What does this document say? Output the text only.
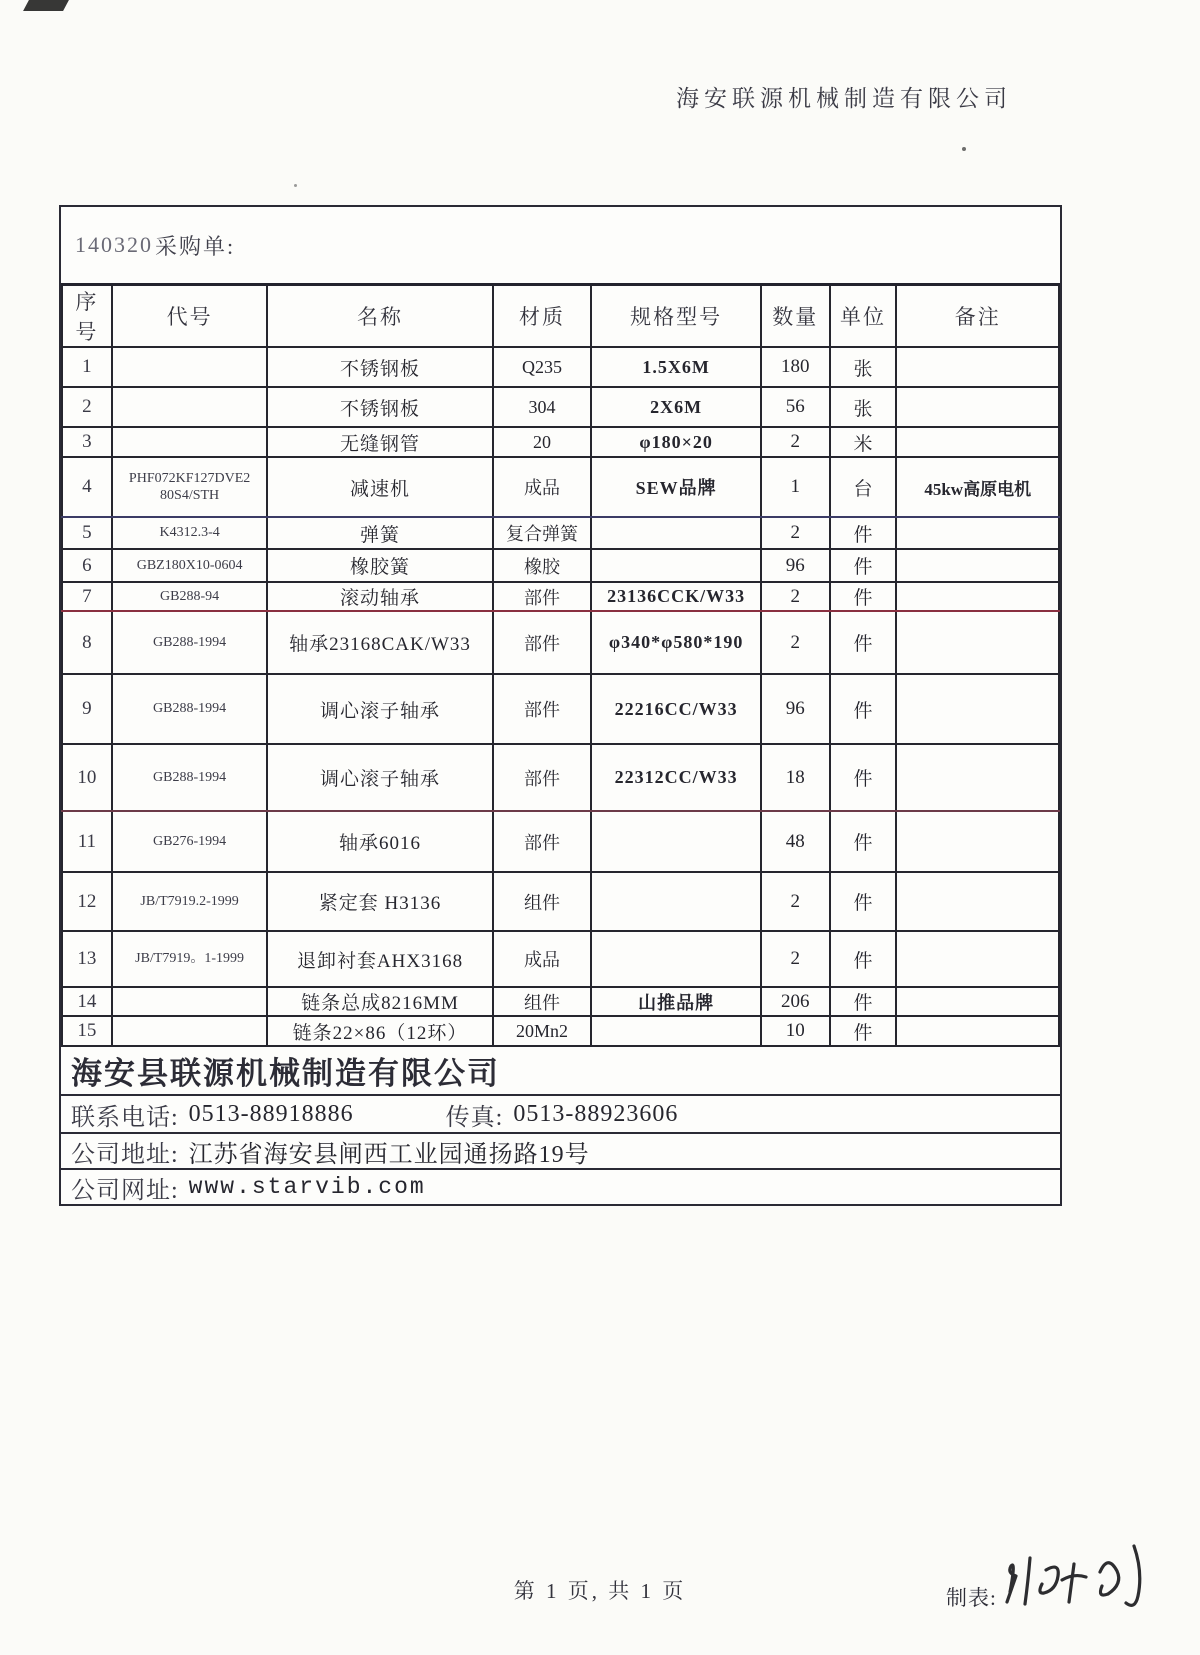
海安联源机械制造有限公司
140320 采购单:
序号	代号	名称	材质	规格型号	数量	单位	备注
1		不锈钢板	Q235	1.5X6M	180	张	
2		不锈钢板	304	2X6M	56	张	
3		无缝钢管	20	φ180×20	2	米	
4	PHF072KF127DVE2 80S4/STH	减速机	成品	SEW品牌	1	台	45kw高原电机
5	K4312.3-4	弹簧	复合弹簧		2	件	
6	GBZ180X10-0604	橡胶簧	橡胶		96	件	
7	GB288-94	滚动轴承	部件	23136CCK/W33	2	件	
8	GB288-1994	轴承23168CAK/W33	部件	φ340*φ580*190	2	件	
9	GB288-1994	调心滚子轴承	部件	22216CC/W33	96	件	
10	GB288-1994	调心滚子轴承	部件	22312CC/W33	18	件	
11	GB276-1994	轴承6016	部件		48	件	
12	JB/T7919.2-1999	紧定套 H3136	组件		2	件	
13	JB/T7919。1-1999	退卸衬套AHX3168	成品		2	件	
14		链条总成8216MM	组件	山推品牌	206	件	
15		链条22×86（12环）	20Mn2		10	件	
海安县联源机械制造有限公司
联系电话: 0513-88918886	传真: 0513-88923606
公司地址: 江苏省海安县闸西工业园通扬路19号
公司网址: www.starvib.com
第 1 页, 共 1 页	制表:
